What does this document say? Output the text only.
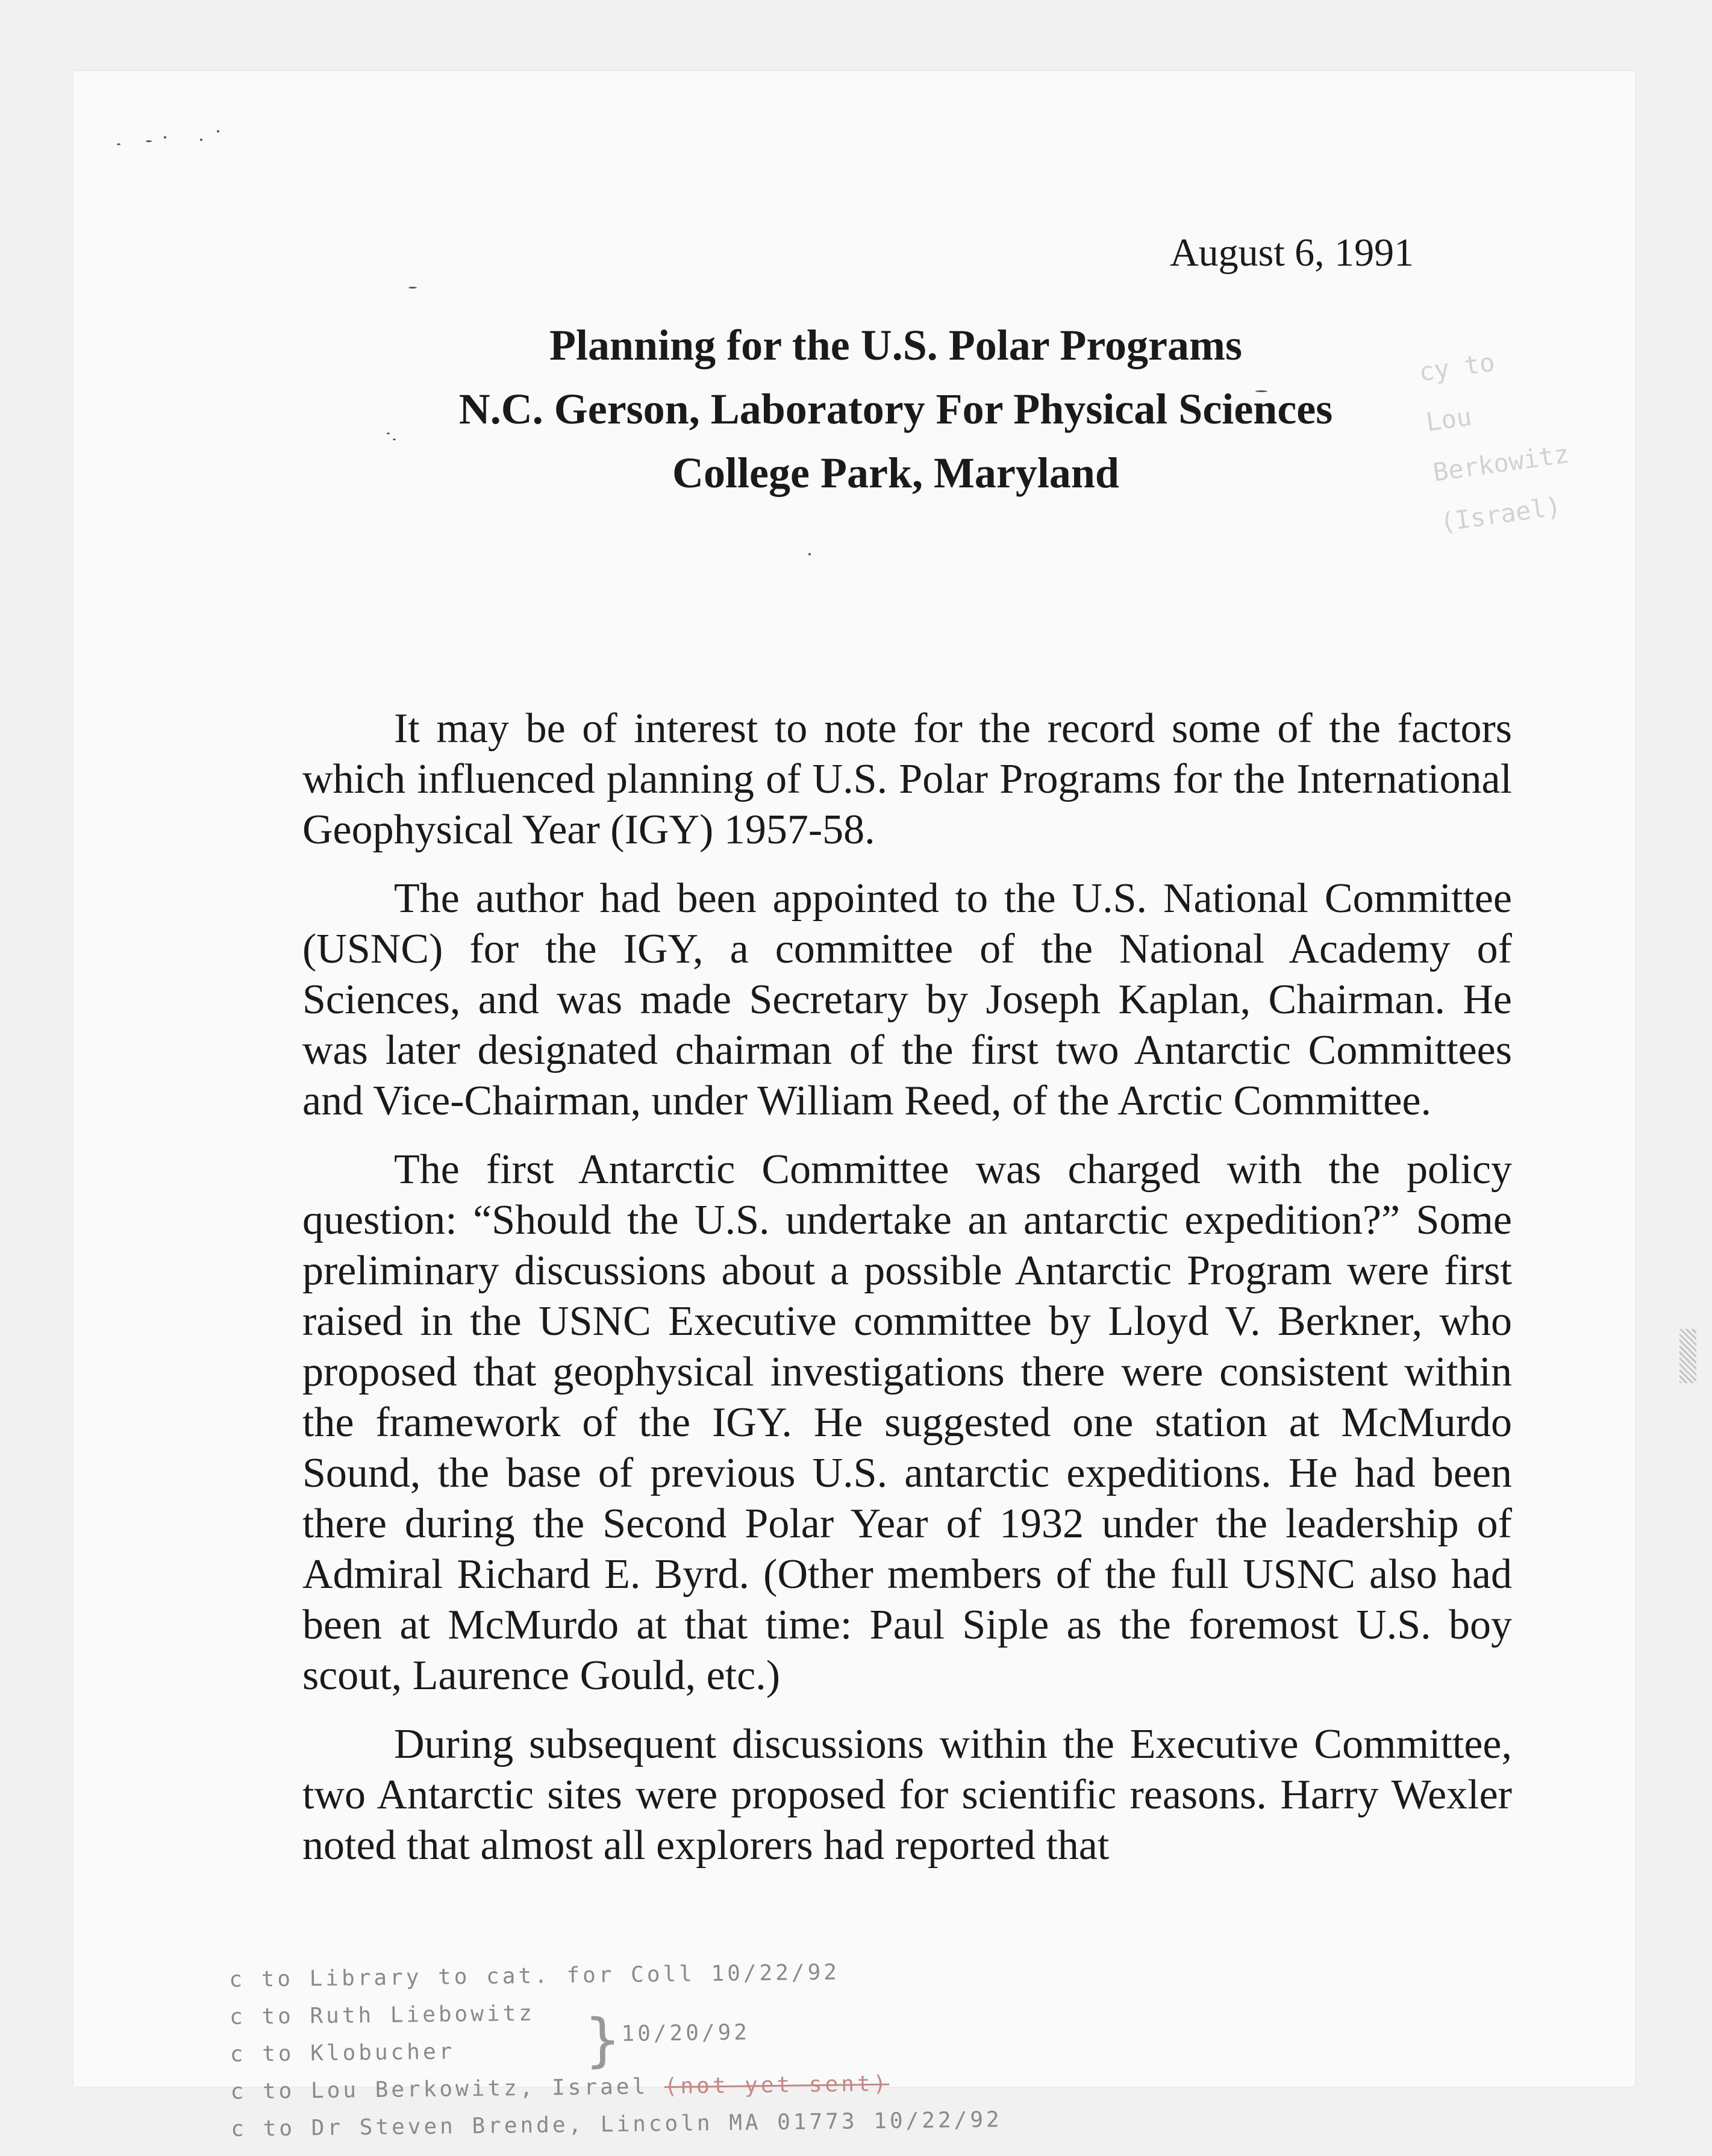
August 6, 1991
Planning for the U.S. Polar Programs
N.C. Gerson, Laboratory For Physical Sciences
College Park, Maryland
cy to
Lou
Berkowitz
(Israel)

It may be of interest to note for the record some of the factors which influenced planning of U.S. Polar Programs for the International Geophysical Year (IGY) 1957-58.

The author had been appointed to the U.S. National Committee (USNC) for the IGY, a committee of the National Academy of Sciences, and was made Secretary by Joseph Kaplan, Chairman. He was later designated chairman of the first two Antarctic Committees and Vice-Chairman, under William Reed, of the Arctic Committee.

The first Antarctic Committee was charged with the policy question: “Should the U.S. undertake an antarctic expedition?” Some preliminary discussions about a possible Antarctic Program were first raised in the USNC Executive committee by Lloyd V. Berkner, who proposed that geophysical investigations there were consistent within the framework of the IGY. He suggested one station at McMurdo Sound, the base of previous U.S. antarctic expeditions. He had been there during the Second Polar Year of 1932 under the leadership of Admiral Richard E. Byrd. (Other members of the full USNC also had been at McMurdo at that time: Paul Siple as the foremost U.S. boy scout, Laurence Gould, etc.)

During subsequent discussions within the Executive Committee, two Antarctic sites were proposed for scientific reasons. Harry Wexler noted that almost all explorers had reported that

c to Library to cat. for Coll 10/22/92
c to Ruth Liebowitz
c to Klobucher
c to Lou Berkowitz, Israel (not yet sent)
c to Dr Steven Brende, Lincoln MA 01773 10/22/92
} 10/20/92
